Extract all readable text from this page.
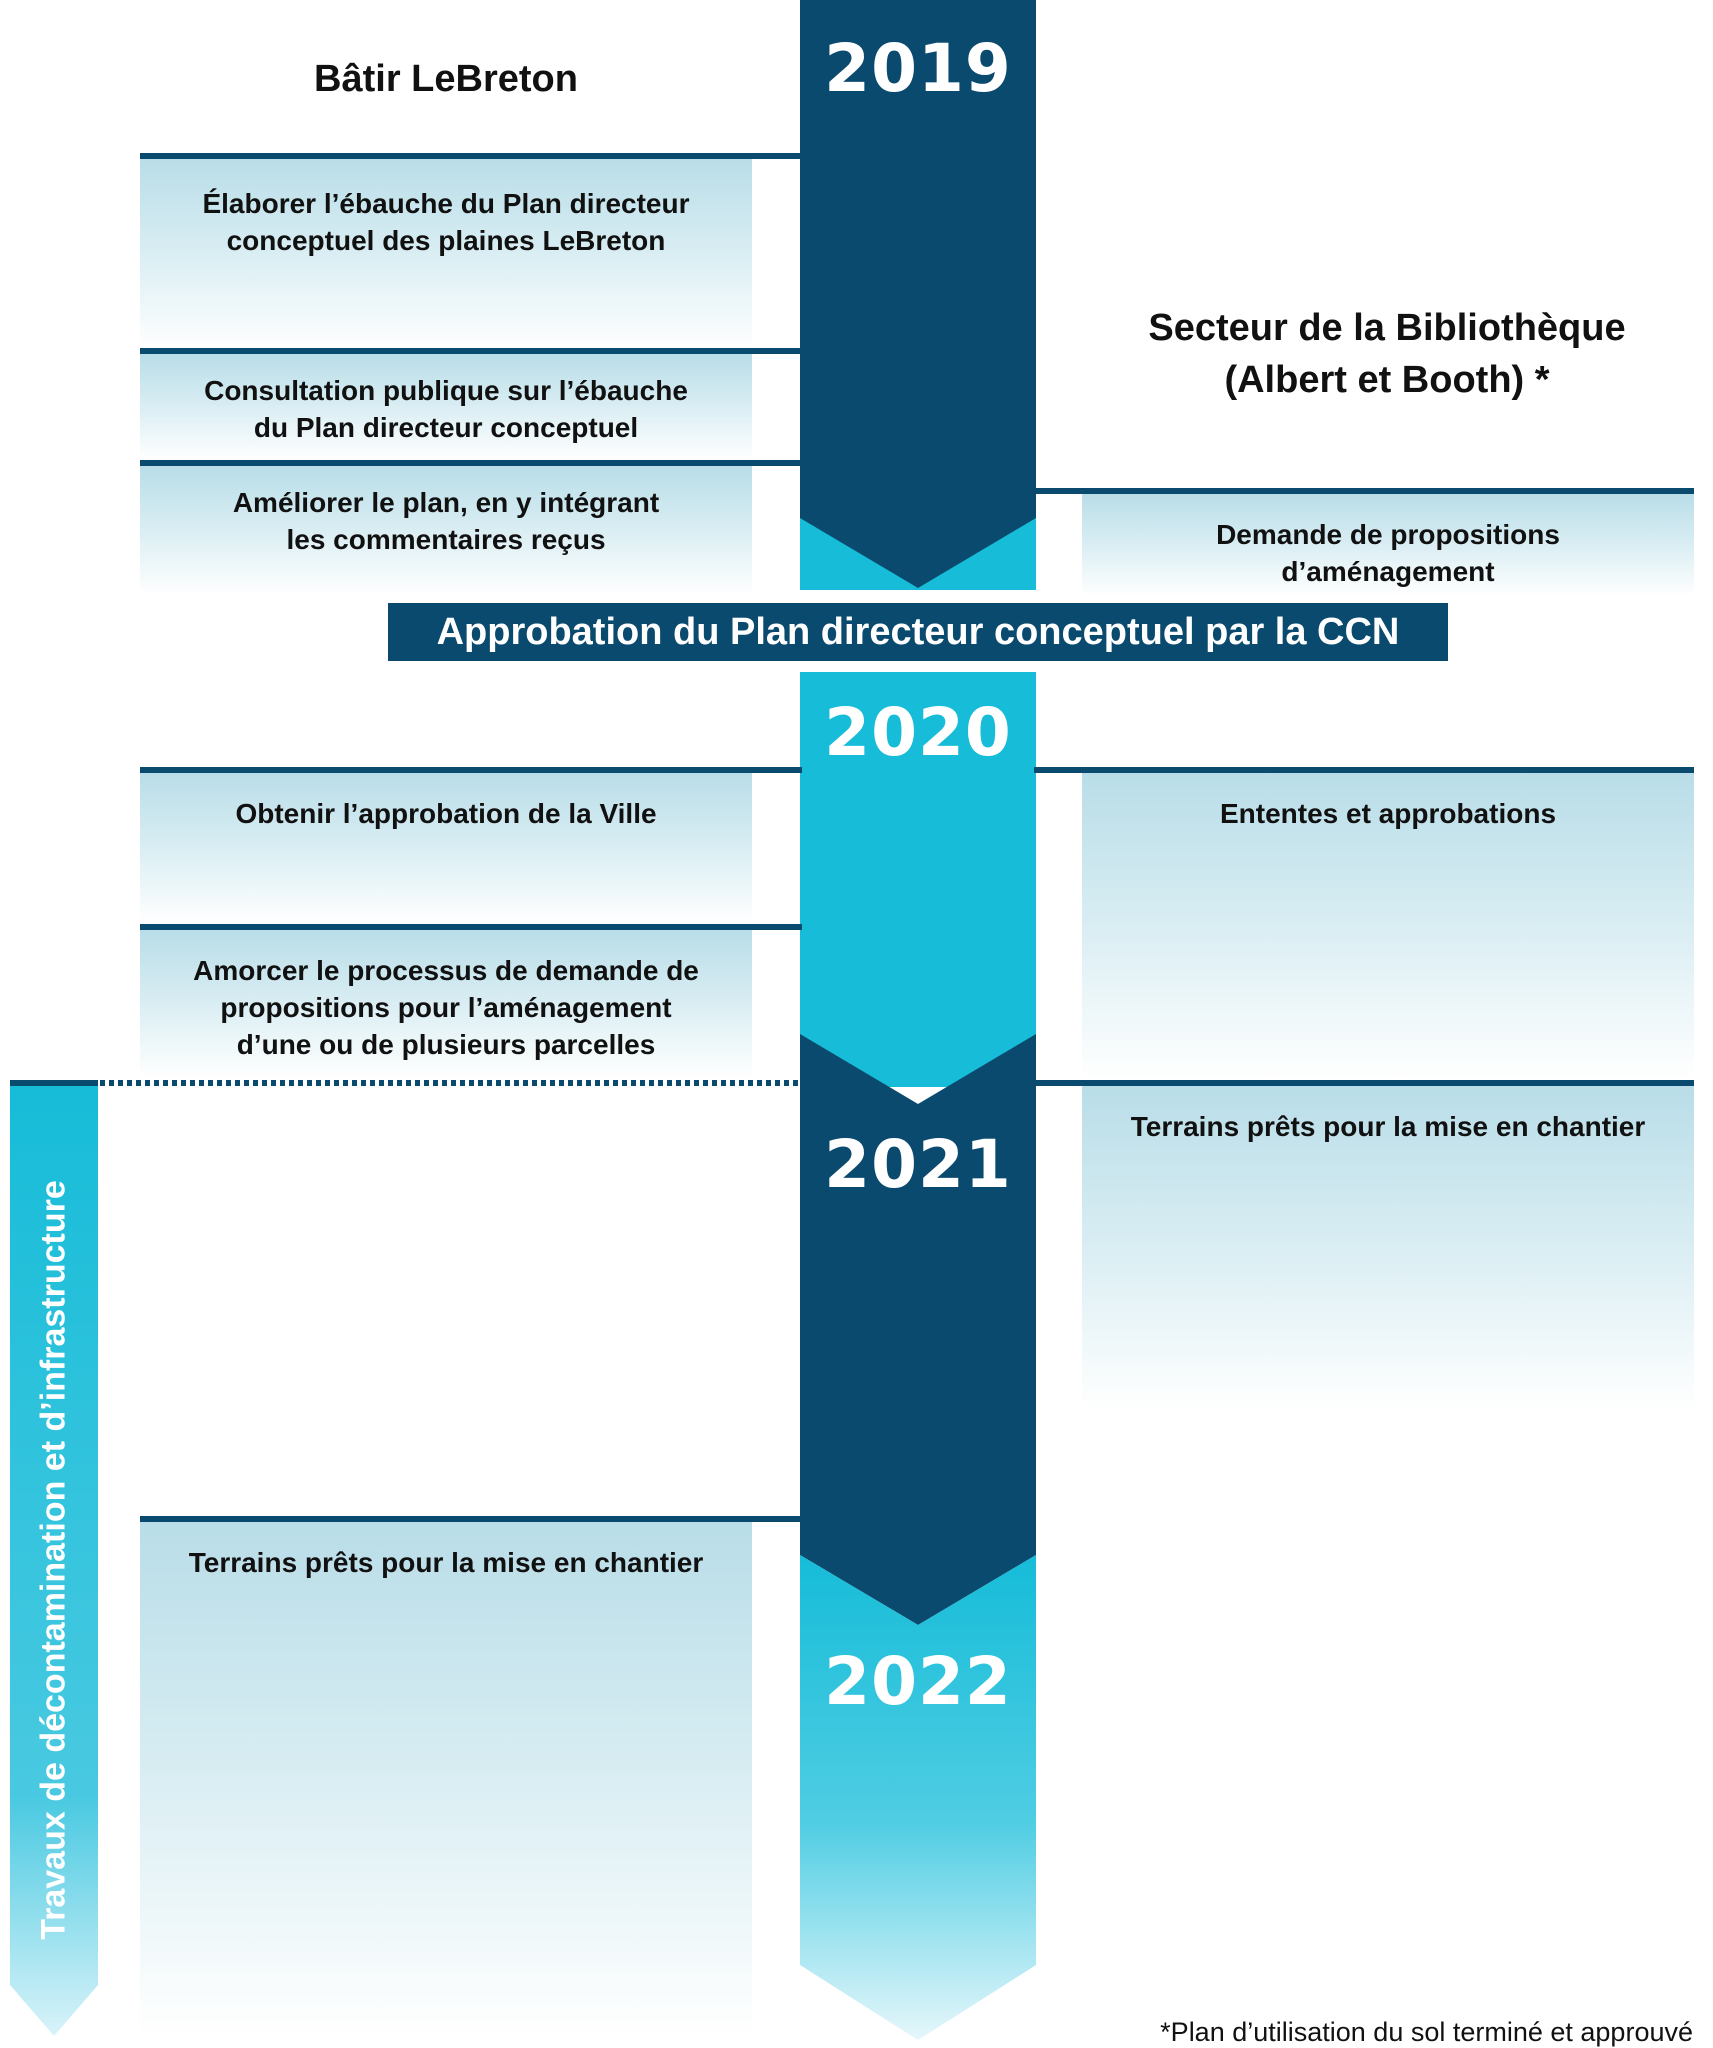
Bâtir LeBreton
Secteur de la Bibliothèque
(Albert et Booth) *
2019
2020
2021
2022
Approbation du Plan directeur conceptuel par la CCN
Élaborer l’ébauche du Plan directeur conceptuel des plaines LeBreton
Consultation publique sur l’ébauche du Plan directeur conceptuel
Améliorer le plan, en y intégrant les commentaires reçus
Obtenir l’approbation de la Ville
Amorcer le processus de demande de propositions pour l’aménagement d’une ou de plusieurs parcelles
Terrains prêts pour la mise en chantier
Demande de propositions d’aménagement
Ententes et approbations
Terrains prêts pour la mise en chantier
Travaux de décontamination et d’infrastructure
*Plan d’utilisation du sol terminé et approuvé
